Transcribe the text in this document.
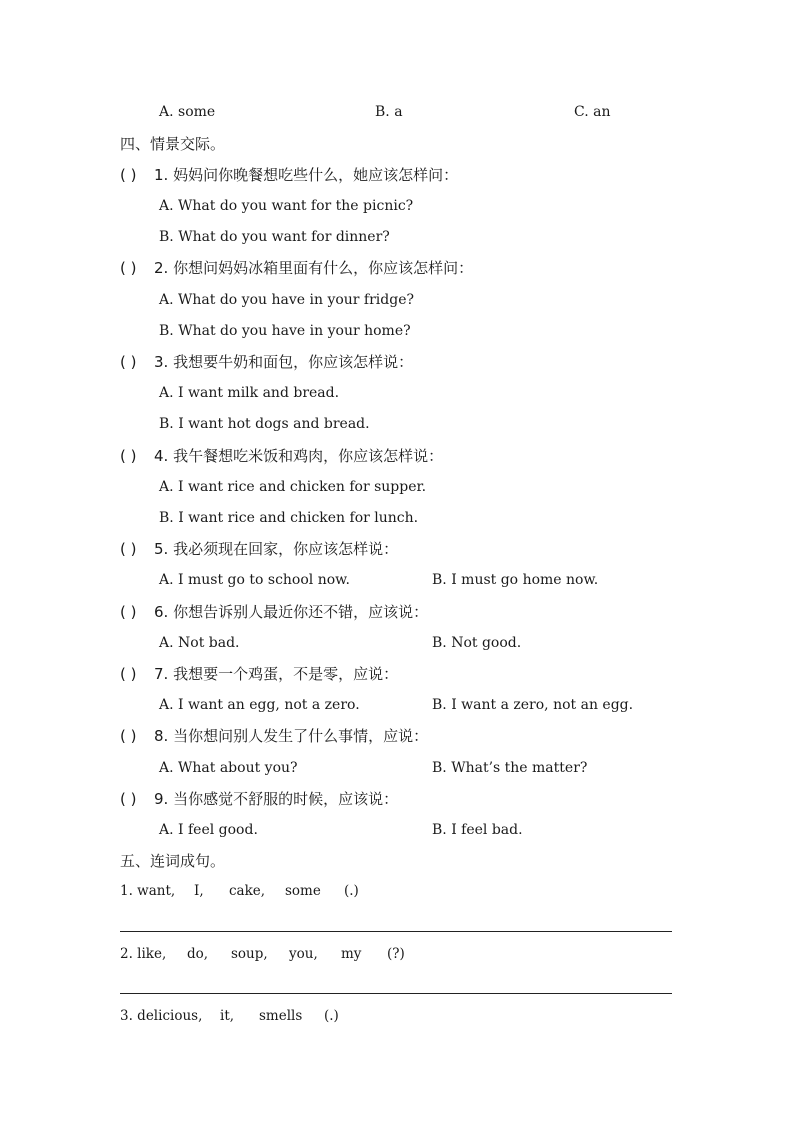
A. some	B. a	C. an
四、情景交际。
( ) 1. 妈妈问你晚餐想吃些什么，她应该怎样问：
A. What do you want for the picnic?
B. What do you want for dinner?
( ) 2. 你想问妈妈冰箱里面有什么，你应该怎样问：
A. What do you have in your fridge?
B. What do you have in your home?
( ) 3. 我想要牛奶和面包，你应该怎样说：
A. I want milk and bread.
B. I want hot dogs and bread.
( ) 4. 我午餐想吃米饭和鸡肉，你应该怎样说：
A. I want rice and chicken for supper.
B. I want rice and chicken for lunch.
( ) 5. 我必须现在回家，你应该怎样说：
A. I must go to school now.	B. I must go home now.
( ) 6. 你想告诉别人最近你还不错，应该说：
A. Not bad.	B. Not good.
( ) 7. 我想要一个鸡蛋，不是零，应说：
A. I want an egg, not a zero.	B. I want a zero, not an egg.
( ) 8. 当你想问别人发生了什么事情，应说：
A. What about you?	B. What’s the matter?
( ) 9. 当你感觉不舒服的时候，应该说：
A. I feel good.	B. I feel bad.
五、连词成句。
1. want, I, cake, some (.)
2. like, do, soup, you, my (?)
3. delicious, it, smells (.)
